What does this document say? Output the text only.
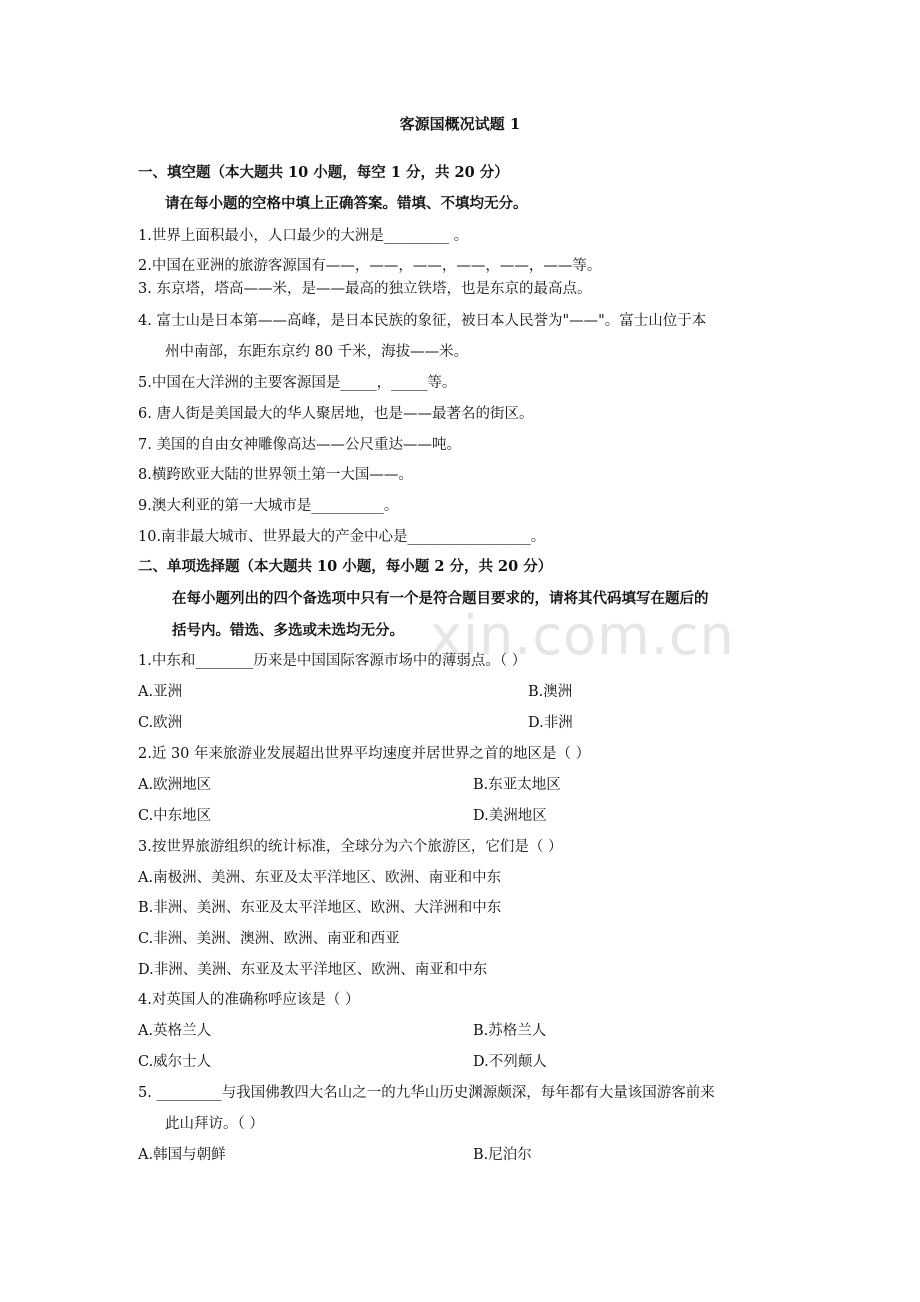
xin.com.cn
客源国概况试题 1
一、填空题（本大题共 10 小题，每空 1 分，共 20 分）
请在每小题的空格中填上正确答案。错填、不填均无分。
1.世界上面积最小，人口最少的大洲是_________ 。
2.中国在亚洲的旅游客源国有——，——，——，——，——，——等。
3. 东京塔，塔高——米，是——最高的独立铁塔，也是东京的最高点。
4. 富士山是日本第——高峰，是日本民族的象征，被日本人民誉为"——"。富士山位于本
州中南部，东距东京约 80 千米，海拔——米。
5.中国在大洋洲的主要客源国是_____，_____等。
6. 唐人街是美国最大的华人聚居地，也是——最著名的街区。
7. 美国的自由女神雕像高达——公尺重达——吨。
8.横跨欧亚大陆的世界领土第一大国——。
9.澳大利亚的第一大城市是__________。
10.南非最大城市、世界最大的产金中心是_________________。
二、单项选择题（本大题共 10 小题，每小题 2 分，共 20 分）
在每小题列出的四个备选项中只有一个是符合题目要求的，请将其代码填写在题后的
括号内。错选、多选或未选均无分。
1.中东和________历来是中国国际客源市场中的薄弱点。（ ）
A.亚洲	B.澳洲
C.欧洲	D.非洲
2.近 30 年来旅游业发展超出世界平均速度并居世界之首的地区是（ ）
A.欧洲地区	B.东亚太地区
C.中东地区	D.美洲地区
3.按世界旅游组织的统计标准，全球分为六个旅游区，它们是（ ）
A.南极洲、美洲、东亚及太平洋地区、欧洲、南亚和中东
B.非洲、美洲、东亚及太平洋地区、欧洲、大洋洲和中东
C.非洲、美洲、澳洲、欧洲、南亚和西亚
D.非洲、美洲、东亚及太平洋地区、欧洲、南亚和中东
4.对英国人的准确称呼应该是（ ）
A.英格兰人	B.苏格兰人
C.威尔士人	D.不列颠人
5. _________与我国佛教四大名山之一的九华山历史渊源颇深，每年都有大量该国游客前来
此山拜访。（ ）
A.韩国与朝鲜	B.尼泊尔
